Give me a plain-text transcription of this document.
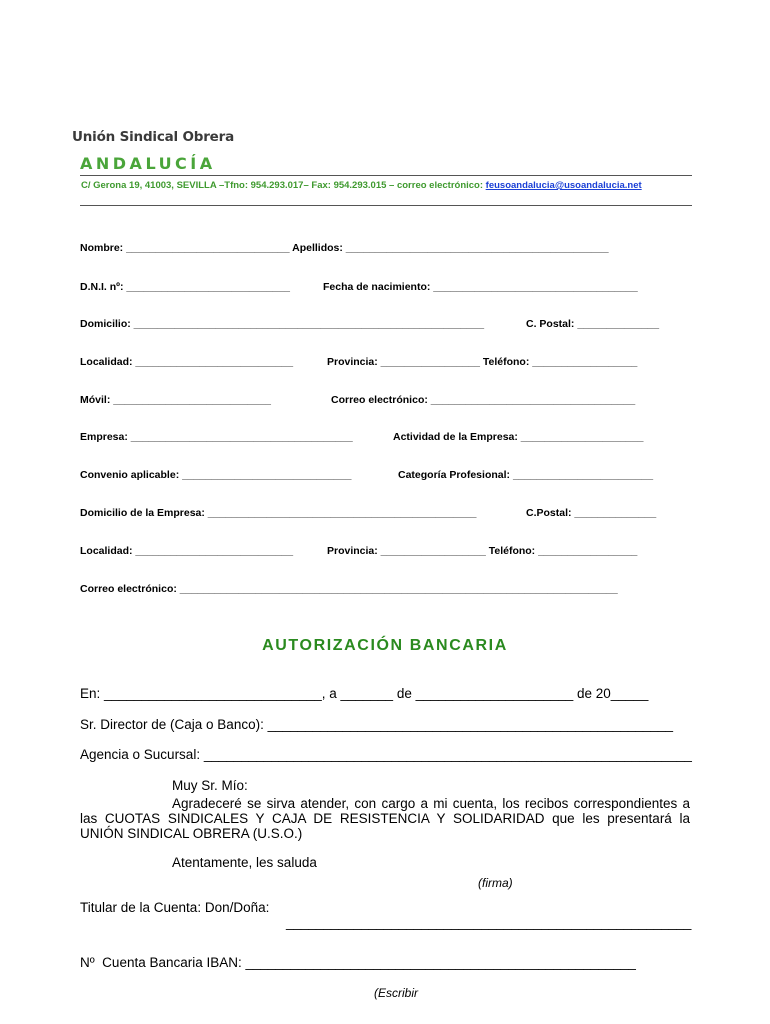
Unión Sindical Obrera
ANDALUCÍA
C/ Gerona 19, 41003, SEVILLA –Tfno: 954.293.017– Fax: 954.293.015 – correo electrónico: feusoandalucia@usoandalucia.net
Nombre: ____________________________ Apellidos: _____________________________________________
D.N.I. nº: ____________________________	Fecha de nacimiento: ___________________________________
Domicilio: ____________________________________________________________	C. Postal: ______________
Localidad: ___________________________	Provincia: _________________ Teléfono: __________________
Móvil: ___________________________	Correo electrónico: ___________________________________
Empresa: ______________________________________	Actividad de la Empresa: _____________________
Convenio aplicable: _____________________________	Categoría Profesional: ________________________
Domicilio de la Empresa: ______________________________________________	C.Postal: ______________
Localidad: ___________________________	Provincia: __________________ Teléfono: _________________
Correo electrónico: ___________________________________________________________________________
AUTORIZACIÓN BANCARIA
En: _____________________________, a _______ de _____________________ de 20_____
Sr. Director de (Caja o Banco): ______________________________________________________
Agencia o Sucursal: _________________________________________________________________
Muy Sr. Mío:
Agradeceré se sirva atender, con cargo a mi cuenta, los recibos correspondientes a las CUOTAS SINDICALES Y CAJA DE RESISTENCIA Y SOLIDARIDAD que les presentará la UNIÓN SINDICAL OBRERA (U.S.O.)
Atentamente, les saluda
(firma)
Titular de la Cuenta: Don/Doña:
______________________________________________________
Nº  Cuenta Bancaria IBAN: ____________________________________________________
(Escribir
